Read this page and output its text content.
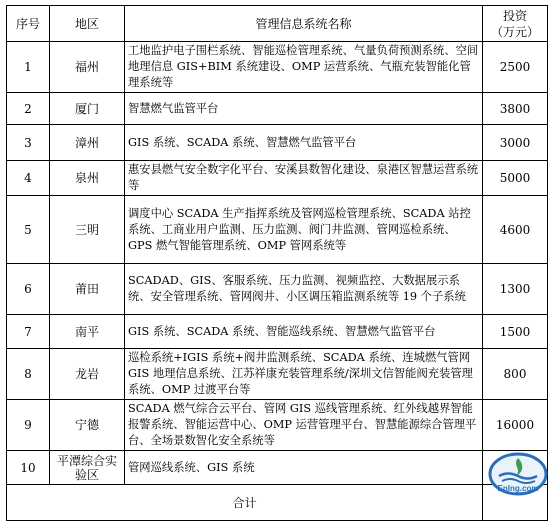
序号	地区	管理信息系统名称	投资
（万元）
1	福州	工地监护电子围栏系统、智能巡检管理系统、气量负荷预测系统、空间地理信息 GIS+BIM 系统建设、OMP 运营系统、气瓶充装智能化管理系统等	2500
2	厦门	智慧燃气监管平台	3800
3	漳州	GIS 系统、SCADA 系统、智慧燃气监管平台	3000
4	泉州	惠安县燃气安全数字化平台、安溪县数智化建设、泉港区智慧运营系统等	5000
5	三明	调度中心 SCADA 生产指挥系统及管网巡检管理系统、SCADA 站控系统、工商业用户监测、压力监测、阀门井监测、管网巡检系统、GPS 燃气智能管理系统、OMP 管网系统等	4600
6	莆田	SCADAD、GIS、客服系统、压力监测、视频监控、大数据展示系统、安全管理系统、管网阀井、小区调压箱监测系统等 19 个子系统	1300
7	南平	GIS 系统、SCADA 系统、智能巡线系统、智慧燃气监管平台	1500
8	龙岩	巡检系统+IGIS 系统+阀井监测系统、SCADA 系统、连城燃气管网 GIS 地理信息系统、江苏祥康充装管理系统/深圳文信智能阀充装管理系统、OMP 过渡平台等	800
9	宁德	SCADA 燃气综合云平台、管网 GIS 巡线管理系统、红外线越界智能报警系统、智能运营中心、OMP 运营管理平台、智慧能源综合管理平台、全场景数智化安全系统等	16000
10	平潭综合实验区	管网巡线系统、GIS 系统	
合计			
Enlng.com
